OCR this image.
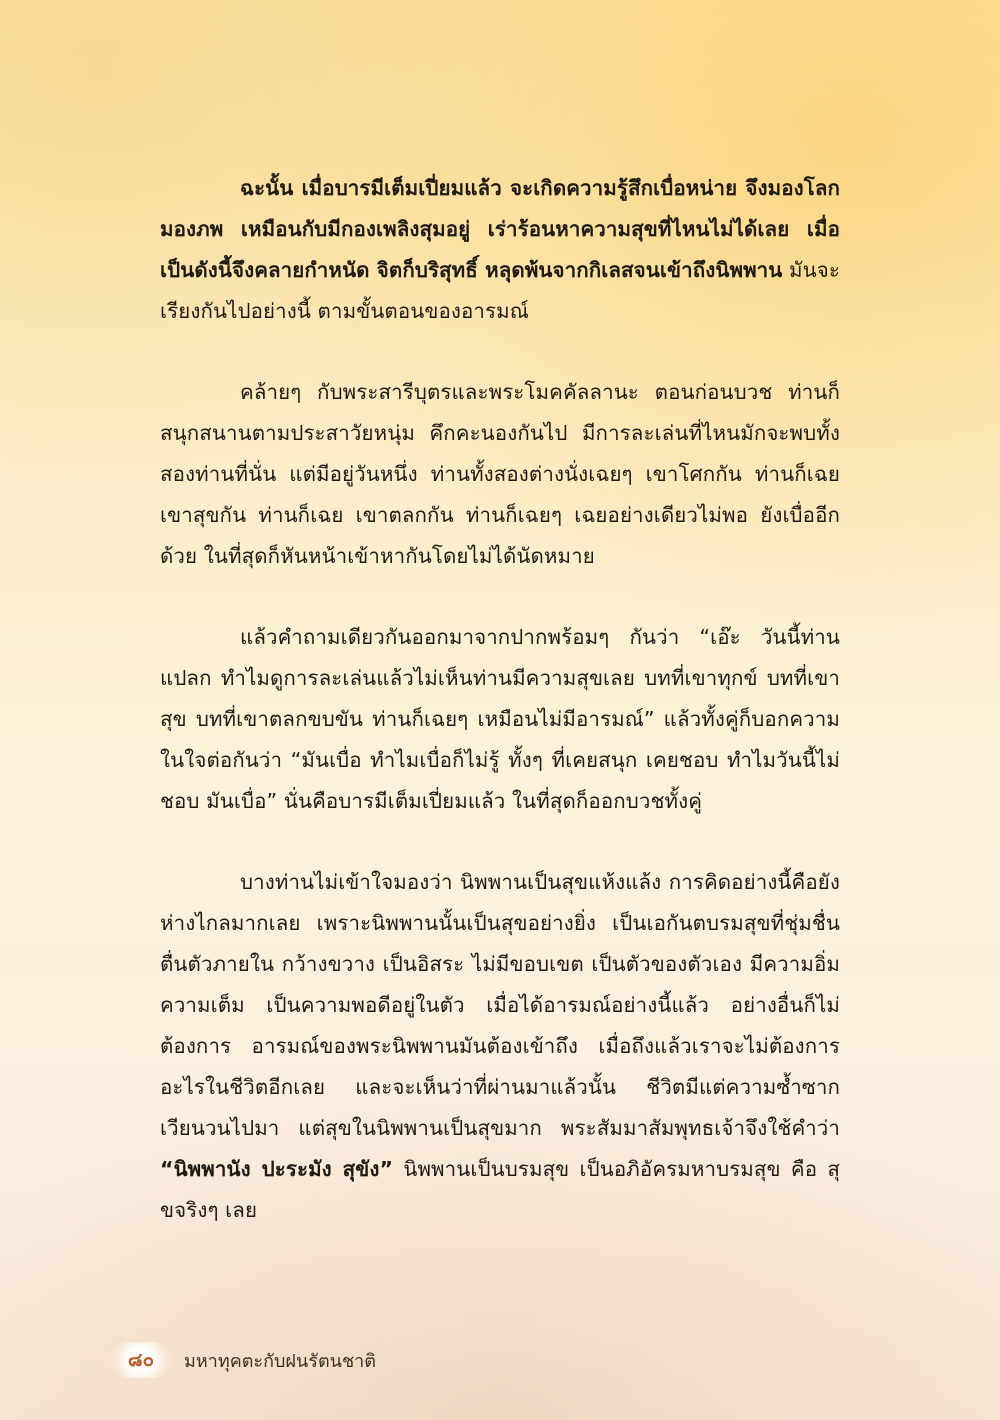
ฉะนั้น เมื่อบารมีเต็มเปี่ยมแล้ว จะเกิดความรู้สึกเบื่อหน่าย จึงมองโลก มองภพ เหมือนกับมีกองเพลิงสุมอยู่ เร่าร้อนหาความสุขที่ไหนไม่ได้เลย เมื่อเป็นดังนี้จึงคลายกำหนัด จิตก็บริสุทธิ์ หลุดพ้นจากกิเลสจนเข้าถึงนิพพาน มันจะเรียงกันไปอย่างนี้ ตามขั้นตอนของอารมณ์

คล้ายๆ กับพระสารีบุตรและพระโมคคัลลานะ ตอนก่อนบวช ท่านก็สนุกสนานตามประสาวัยหนุ่ม คึกคะนองกันไป มีการละเล่นที่ไหนมักจะพบทั้งสองท่านที่นั่น แต่มีอยู่วันหนึ่ง ท่านทั้งสองต่างนั่งเฉยๆ เขาโศกกัน ท่านก็เฉย เขาสุขกัน ท่านก็เฉย เขาตลกกัน ท่านก็เฉยๆ เฉยอย่างเดียวไม่พอ ยังเบื่ออีกด้วย ในที่สุดก็หันหน้าเข้าหากันโดยไม่ได้นัดหมาย

แล้วคำถามเดียวกันออกมาจากปากพร้อมๆ กันว่า “เอ๊ะ วันนี้ท่านแปลก ทำไมดูการละเล่นแล้วไม่เห็นท่านมีความสุขเลย บทที่เขาทุกข์ บทที่เขาสุข บทที่เขาตลกขบขัน ท่านก็เฉยๆ เหมือนไม่มีอารมณ์” แล้วทั้งคู่ก็บอกความในใจต่อกันว่า “มันเบื่อ ทำไมเบื่อก็ไม่รู้ ทั้งๆ ที่เคยสนุก เคยชอบ ทำไมวันนี้ไม่ชอบ มันเบื่อ” นั่นคือบารมีเต็มเปี่ยมแล้ว ในที่สุดก็ออกบวชทั้งคู่

บางท่านไม่เข้าใจมองว่า นิพพานเป็นสุขแห้งแล้ง การคิดอย่างนี้คือยังห่างไกลมากเลย เพราะนิพพานนั้นเป็นสุขอย่างยิ่ง เป็นเอกันตบรมสุขที่ชุ่มชื่น ตื่นตัวภายใน กว้างขวาง เป็นอิสระ ไม่มีขอบเขต เป็นตัวของตัวเอง มีความอิ่ม ความเต็ม เป็นความพอดีอยู่ในตัว เมื่อได้อารมณ์อย่างนี้แล้ว อย่างอื่นก็ไม่ต้องการ อารมณ์ของพระนิพพานมันต้องเข้าถึง เมื่อถึงแล้วเราจะไม่ต้องการอะไรในชีวิตอีกเลย และจะเห็นว่าที่ผ่านมาแล้วนั้น ชีวิตมีแต่ความซ้ำซาก เวียนวนไปมา แต่สุขในนิพพานเป็นสุขมาก พระสัมมาสัมพุทธเจ้าจึงใช้คำว่า “นิพพานัง ปะระมัง สุขัง” นิพพานเป็นบรมสุข เป็นอภิอัครมหาบรมสุข คือ สุขจริงๆ เลย

๘๐	มหาทุคตะกับฝนรัตนชาติ
